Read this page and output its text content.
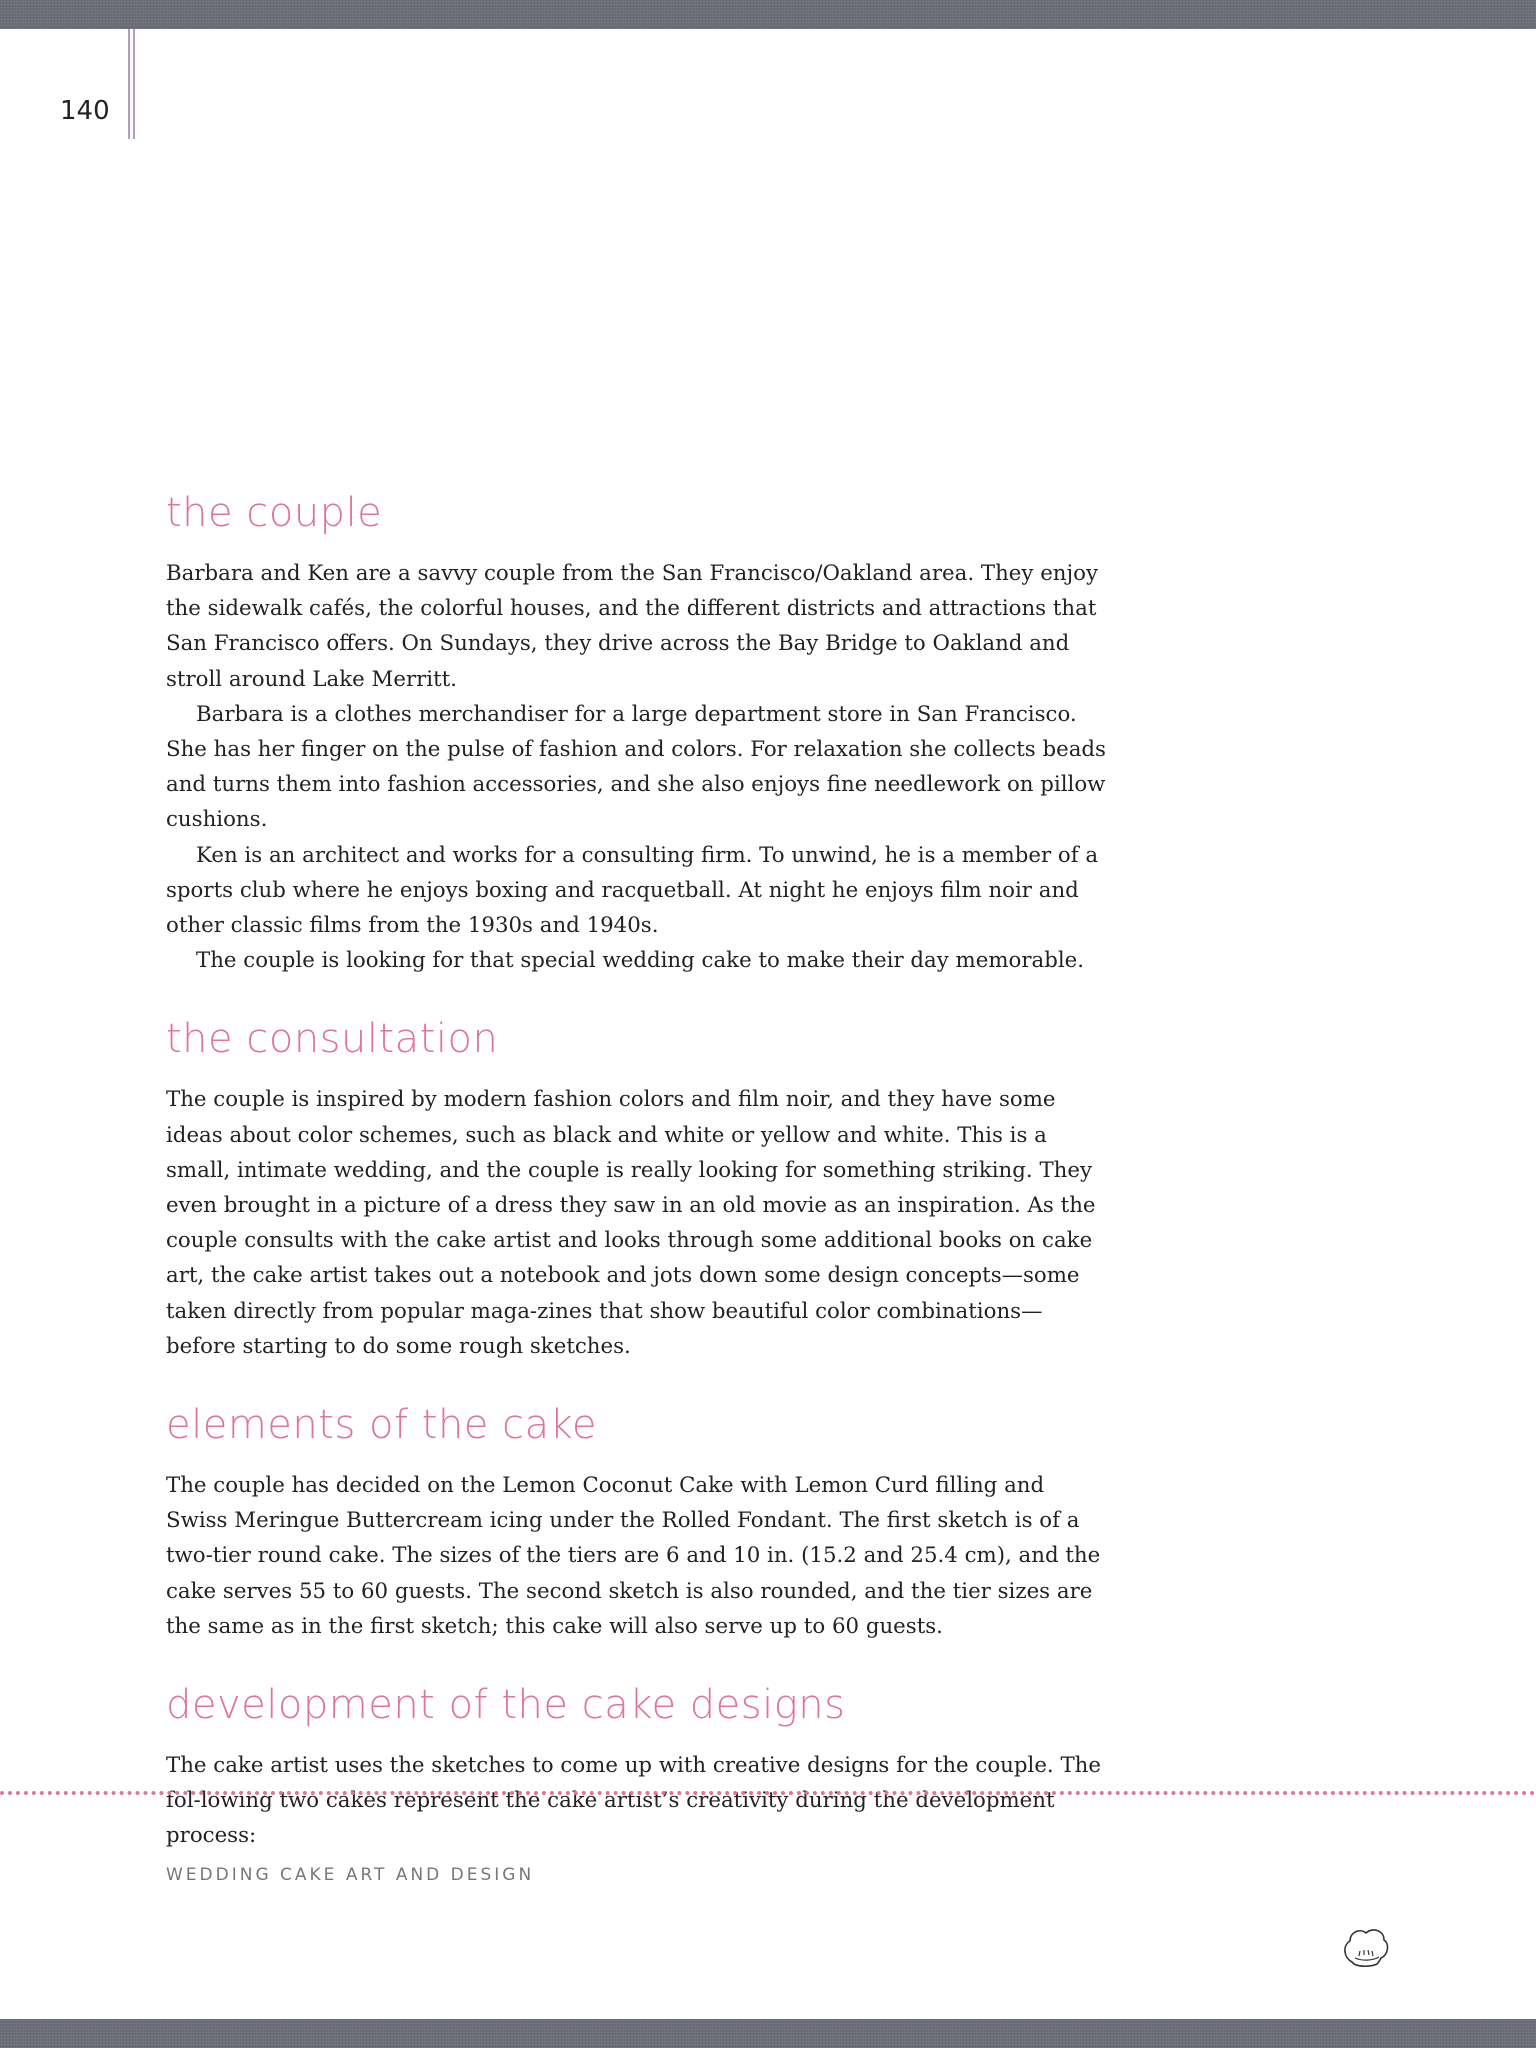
140
the couple

Barbara and Ken are a savvy couple from the San Francisco/Oakland area. They enjoy the sidewalk cafés, the colorful houses, and the different districts and attractions that San Francisco offers. On Sundays, they drive across the Bay Bridge to Oakland and stroll around Lake Merritt.

Barbara is a clothes merchandiser for a large department store in San Francisco. She has her finger on the pulse of fashion and colors. For relaxation she collects beads and turns them into fashion accessories, and she also enjoys fine needlework on pillow cushions.

Ken is an architect and works for a consulting firm. To unwind, he is a member of a sports club where he enjoys boxing and racquetball. At night he enjoys film noir and other classic films from the 1930s and 1940s.

The couple is looking for that special wedding cake to make their day memorable.

the consultation

The couple is inspired by modern fashion colors and film noir, and they have some ideas about color schemes, such as black and white or yellow and white. This is a small, intimate wedding, and the couple is really looking for something striking. They even brought in a picture of a dress they saw in an old movie as an inspiration. As the couple consults with the cake artist and looks through some additional books on cake art, the cake artist takes out a notebook and jots down some design concepts—some taken directly from popular maga-zines that show beautiful color combinations—before starting to do some rough sketches.

elements of the cake

The couple has decided on the Lemon Coconut Cake with Lemon Curd filling and Swiss Meringue Buttercream icing under the Rolled Fondant. The first sketch is of a two-tier round cake. The sizes of the tiers are 6 and 10 in. (15.2 and 25.4 cm), and the cake serves 55 to 60 guests. The second sketch is also rounded, and the tier sizes are the same as in the first sketch; this cake will also serve up to 60 guests.

development of the cake designs

The cake artist uses the sketches to come up with creative designs for the couple. The fol-lowing two cakes represent the cake artist’s creativity during the development process:

WEDDING CAKE ART AND DESIGN
